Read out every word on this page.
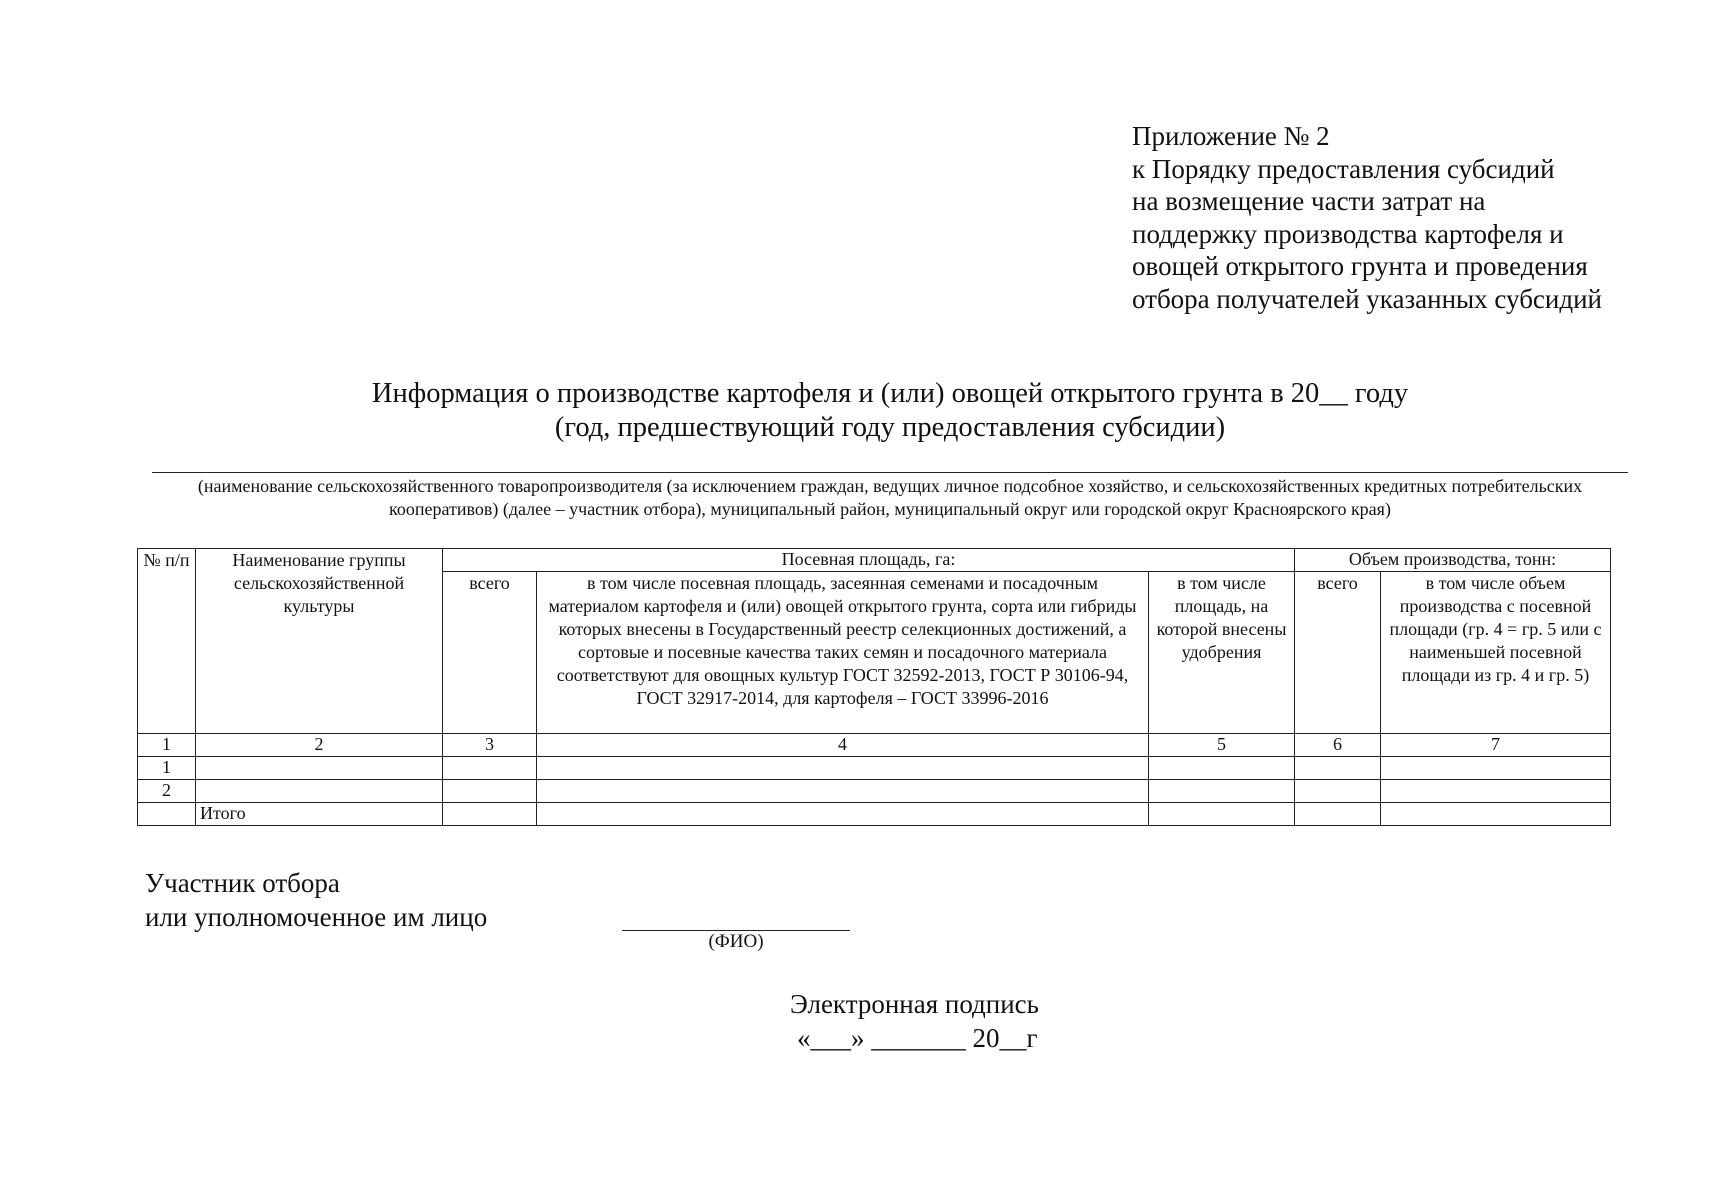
Приложение № 2
к Порядку предоставления субсидий
на возмещение части затрат на
поддержку производства картофеля и
овощей открытого грунта и проведения
отбора получателей указанных субсидий
Информация о производстве картофеля и (или) овощей открытого грунта в 20__ году
(год, предшествующий году предоставления субсидии)
(наименование сельскохозяйственного товаропроизводителя (за исключением граждан, ведущих личное подсобное хозяйство, и сельскохозяйственных кредитных потребительских кооперативов) (далее – участник отбора), муниципальный район, муниципальный округ или городской округ Красноярского края)
№ п/п	Наименование группы сельскохозяйственной культуры	Посевная площадь, га:			Объем производства, тонн:	
		всего	в том числе посевная площадь, засеянная семенами и посадочным материалом картофеля и (или) овощей открытого грунта, сорта или гибриды которых внесены в Государственный реестр селекционных достижений, а сортовые и посевные качества таких семян и посадочного материала соответствуют для овощных культур ГОСТ 32592-2013, ГОСТ Р 30106-94, ГОСТ 32917-2014, для картофеля – ГОСТ 33996-2016	в том числе площадь, на которой внесены удобрения	всего	в том числе объем производства с посевной площади (гр. 4 = гр. 5 или с наименьшей посевной площади из гр. 4 и гр. 5)
1	2	3	4	5	6	7
1						
2						
	Итого					
Участник отбора
или уполномоченное им лицо
(ФИО)
Электронная подпись
«___» _______ 20__г
